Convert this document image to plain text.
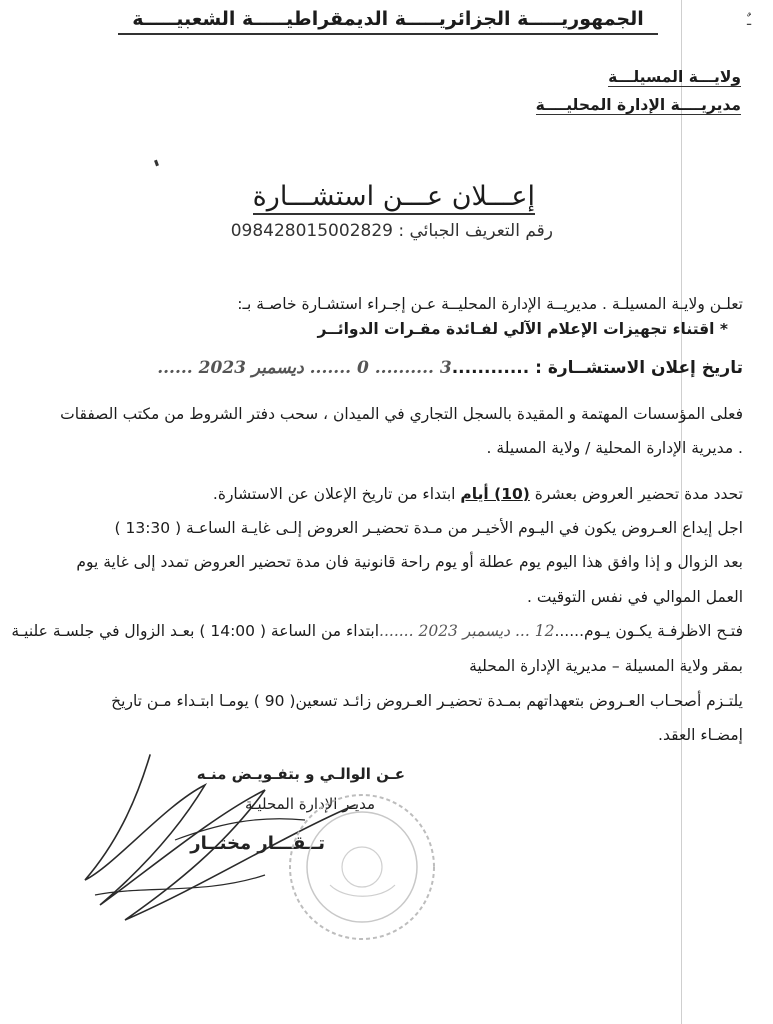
ـٌ
الجمهوريـــــة الجزائريـــــة الديمقراطيـــــة الشعبيـــــة
ولايـــة المسيلـــة
مديريــــة الإدارة المحليــــة
إعـــلان عـــن استشـــارة
رقم التعريف الجبائي : 098428015002829
تعلـن ولايـة المسيلـة . مديريــة الإدارة المحليــة عـن إجـراء استشـارة خاصـة بـ:
* اقتناء تجهيزات الإعلام الآلي لفـائدة مقـرات الدوائــر
تاريخ إعلان الاستشــارة : ............3 .......... 0 ....... ديسمبر 2023 ......
فعلى المؤسسات المهتمة و المقيدة بالسجل التجاري في الميدان ، سحب دفتر الشروط من مكتب الصفقات
. مديرية الإدارة المحلية / ولاية المسيلة .
تحدد مدة تحضير العروض بعشرة (10) أيام ابتداء من تاريخ الإعلان عن الاستشارة.
اجل إيداع العـروض يكون في اليـوم الأخيـر من مـدة تحضيـر العروض إلـى غايـة الساعـة ( 13:30 )
بعد الزوال و إذا وافق هذا اليوم يوم عطلة أو يوم راحة قانونية فان مدة تحضير العروض تمدد إلى غاية يوم
العمل الموالي في نفس التوقيت .
فتـح الاظرفـة يكـون يـوم......12 ... ديسمبر 2023 .......ابتداء من الساعة ( 14:00 ) بعـد الزوال في جلسـة علنيـة
بمقر ولاية المسيلة – مديرية الإدارة المحلية
يلتـزم أصحـاب العـروض بتعهداتهم بمـدة تحضيـر العـروض زائـد تسعين( 90 ) يومـا ابتـداء مـن تاريخ
إمضـاء العقد.
عـن الوالـي و بتفـويـض منـه
مديـر الإدارة المحليـة
تــقـــار مختــار
